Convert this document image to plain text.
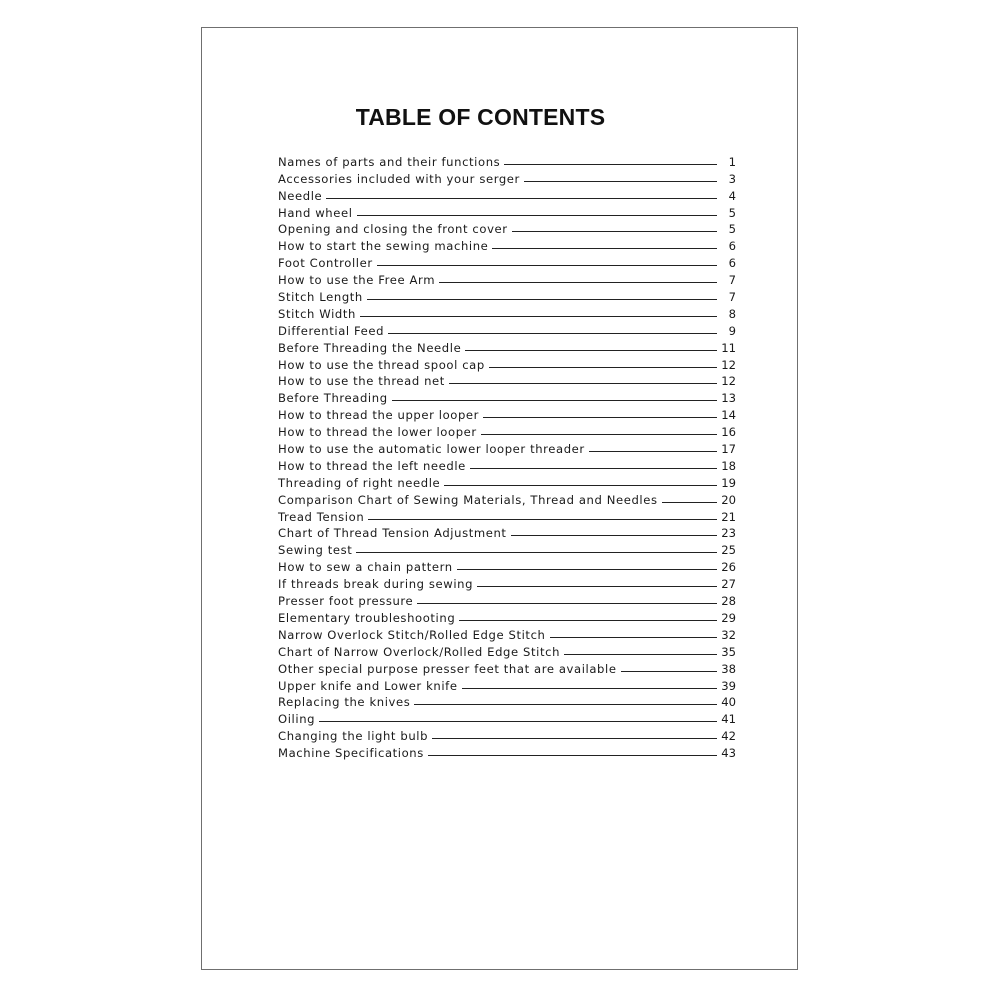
TABLE OF CONTENTS
Names of parts and their functions	1
Accessories included with your serger	3
Needle	4
Hand wheel	5
Opening and closing the front cover	5
How to start the sewing machine	6
Foot Controller	6
How to use the Free Arm	7
Stitch Length	7
Stitch Width	8
Differential Feed	9
Before Threading the Needle	11
How to use the thread spool cap	12
How to use the thread net	12
Before Threading	13
How to thread the upper looper	14
How to thread the lower looper	16
How to use the automatic lower looper threader	17
How to thread the left needle	18
Threading of right needle	19
Comparison Chart of Sewing Materials, Thread and Needles	20
Tread Tension	21
Chart of Thread Tension Adjustment	23
Sewing test	25
How to sew a chain pattern	26
If threads break during sewing	27
Presser foot pressure	28
Elementary troubleshooting	29
Narrow Overlock Stitch/Rolled Edge Stitch	32
Chart of Narrow Overlock/Rolled Edge Stitch	35
Other special purpose presser feet that are available	38
Upper knife and Lower knife	39
Replacing the knives	40
Oiling	41
Changing the light bulb	42
Machine Specifications	43
